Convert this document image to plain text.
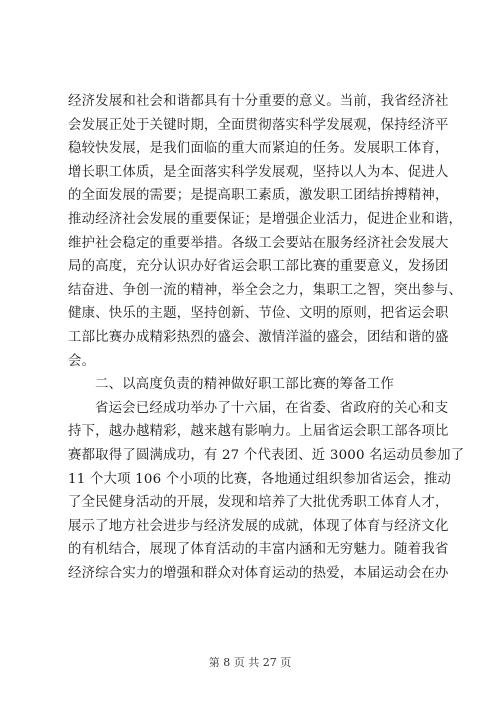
经济发展和社会和谐都具有十分重要的意义。当前，我省经济社
会发展正处于关键时期，全面贯彻落实科学发展观，保持经济平
稳较快发展，是我们面临的重大而紧迫的任务。发展职工体育，
增长职工体质，是全面落实科学发展观，坚持以人为本、促进人
的全面发展的需要；是提高职工素质，激发职工团结拚搏精神，
推动经济社会发展的重要保证；是增强企业活力，促进企业和谐，
维护社会稳定的重要举措。各级工会要站在服务经济社会发展大
局的高度，充分认识办好省运会职工部比赛的重要意义，发扬团
结奋进、争创一流的精神，举全会之力，集职工之智，突出参与、
健康、快乐的主题，坚持创新、节俭、文明的原则，把省运会职
工部比赛办成精彩热烈的盛会、激情洋溢的盛会，团结和谐的盛
会。
二、以高度负责的精神做好职工部比赛的筹备工作
省运会已经成功举办了十六届，在省委、省政府的关心和支
持下，越办越精彩，越来越有影响力。上届省运会职工部各项比
赛都取得了圆满成功，有 27 个代表团、近 3000 名运动员参加了
11 个大项 106 个小项的比赛，各地通过组织参加省运会，推动
了全民健身活动的开展，发现和培养了大批优秀职工体育人才，
展示了地方社会进步与经济发展的成就，体现了体育与经济文化
的有机结合，展现了体育活动的丰富内涵和无穷魅力。随着我省
经济综合实力的增强和群众对体育运动的热爱，本届运动会在办
第 8 页 共 27 页
